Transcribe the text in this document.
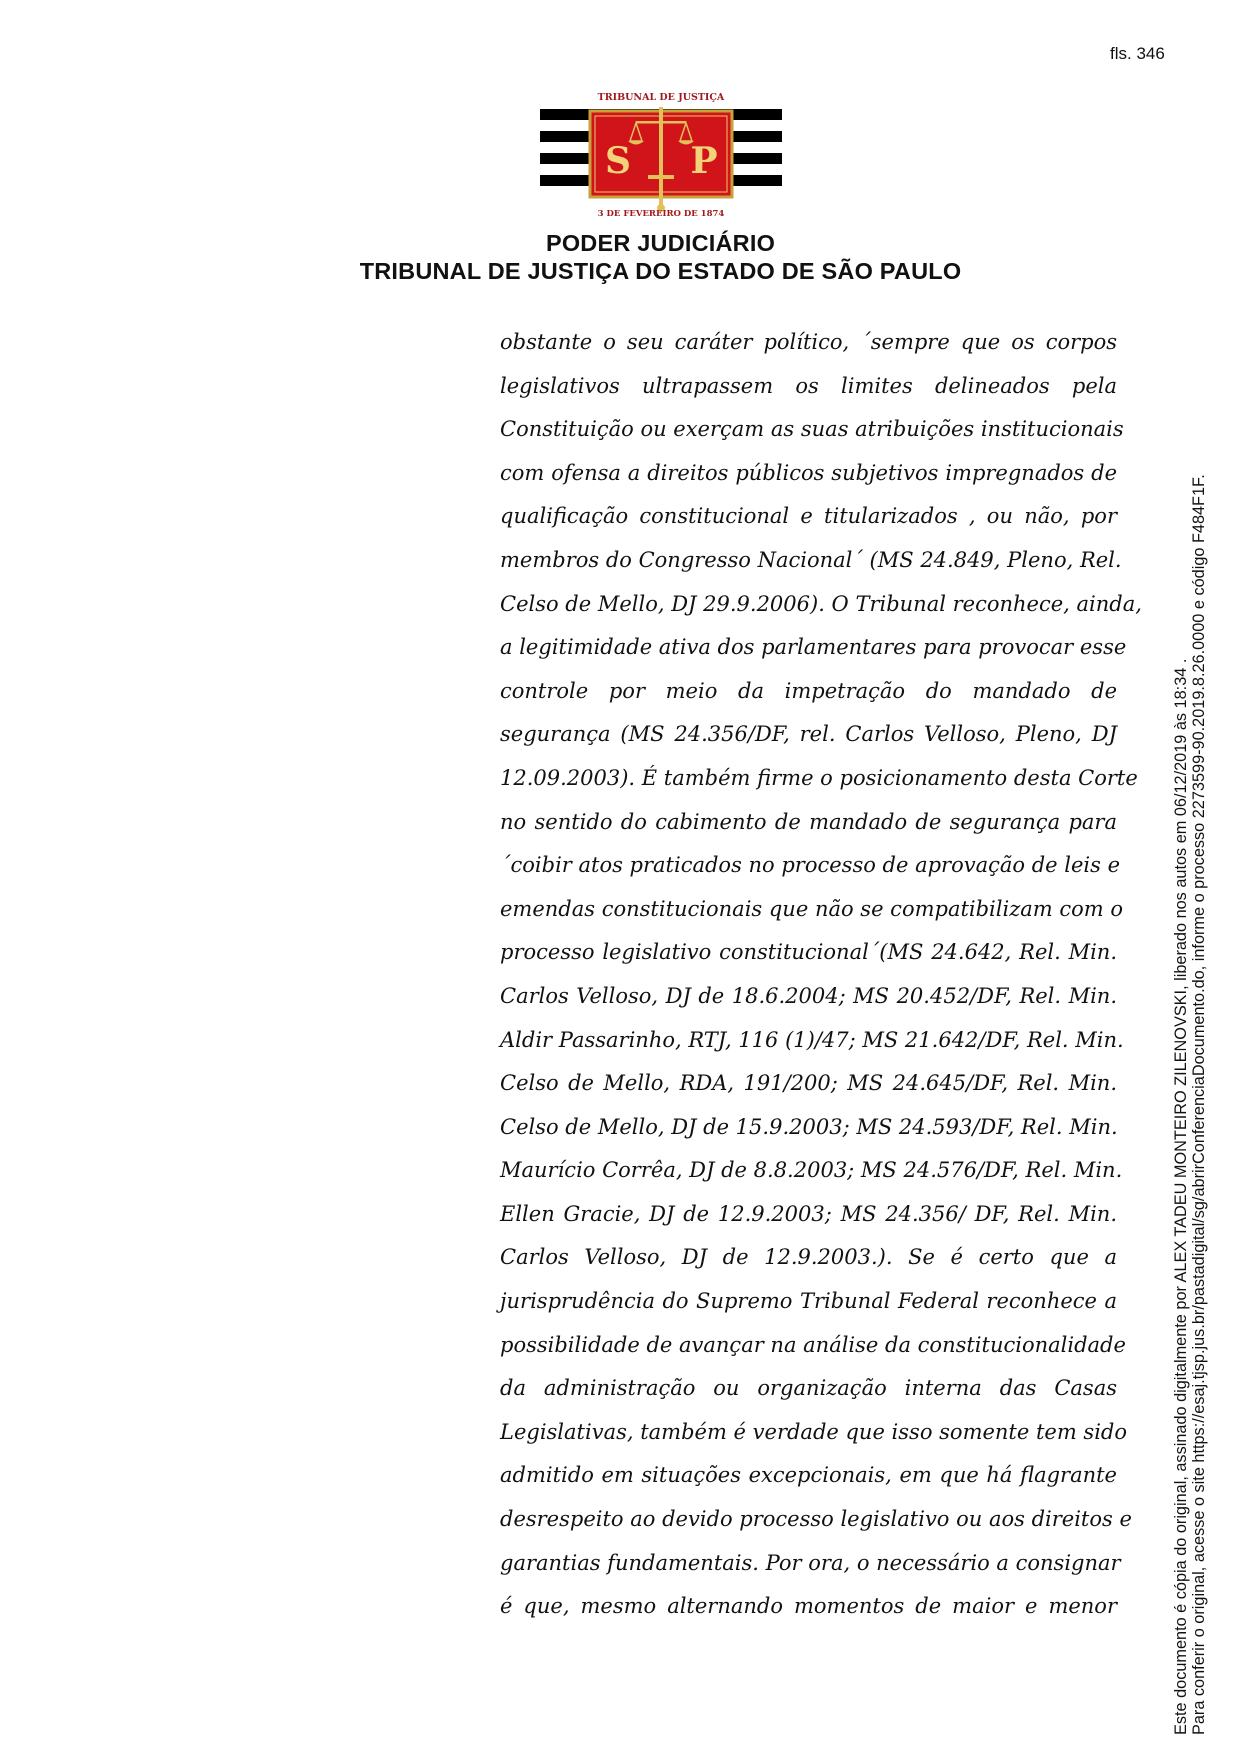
fls. 346
S P
TRIBUNAL DE JUSTIÇA
3 DE FEVEREIRO DE 1874
PODER JUDICIÁRIO
TRIBUNAL DE JUSTIÇA DO ESTADO DE SÃO PAULO
obstante o seu caráter político, ´sempre que os corpos
legislativos ultrapassem os limites delineados pela
Constituição ou exerçam as suas atribuições institucionais
com ofensa a direitos públicos subjetivos impregnados de
qualificação constitucional e titularizados , ou não, por
membros do Congresso Nacional´ (MS 24.849, Pleno, Rel.
Celso de Mello, DJ 29.9.2006). O Tribunal reconhece, ainda,
a legitimidade ativa dos parlamentares para provocar esse
controle por meio da impetração do mandado de
segurança (MS 24.356/DF, rel. Carlos Velloso, Pleno, DJ
12.09.2003). É também firme o posicionamento desta Corte
no sentido do cabimento de mandado de segurança para
´coibir atos praticados no processo de aprovação de leis e
emendas constitucionais que não se compatibilizam com o
processo legislativo constitucional´(MS 24.642, Rel. Min.
Carlos Velloso, DJ de 18.6.2004; MS 20.452/DF, Rel. Min.
Aldir Passarinho, RTJ, 116 (1)/47; MS 21.642/DF, Rel. Min.
Celso de Mello, RDA, 191/200; MS 24.645/DF, Rel. Min.
Celso de Mello, DJ de 15.9.2003; MS 24.593/DF, Rel. Min.
Maurício Corrêa, DJ de 8.8.2003; MS 24.576/DF, Rel. Min.
Ellen Gracie, DJ de 12.9.2003; MS 24.356/ DF, Rel. Min.
Carlos Velloso, DJ de 12.9.2003.). Se é certo que a
jurisprudência do Supremo Tribunal Federal reconhece a
possibilidade de avançar na análise da constitucionalidade
da administração ou organização interna das Casas
Legislativas, também é verdade que isso somente tem sido
admitido em situações excepcionais, em que há flagrante
desrespeito ao devido processo legislativo ou aos direitos e
garantias fundamentais. Por ora, o necessário a consignar
é que, mesmo alternando momentos de maior e menor	Este documento é cópia do original, assinado digitalmente por ALEX TADEU MONTEIRO ZILENOVSKI, liberado nos autos em 06/12/2019 às 18:34 . Para conferir o original, acesse o site https://esaj.tjsp.jus.br/pastadigital/sg/abrirConferenciaDocumento.do, informe o processo 2273599-90.2019.8.26.0000 e código F484F1F.
